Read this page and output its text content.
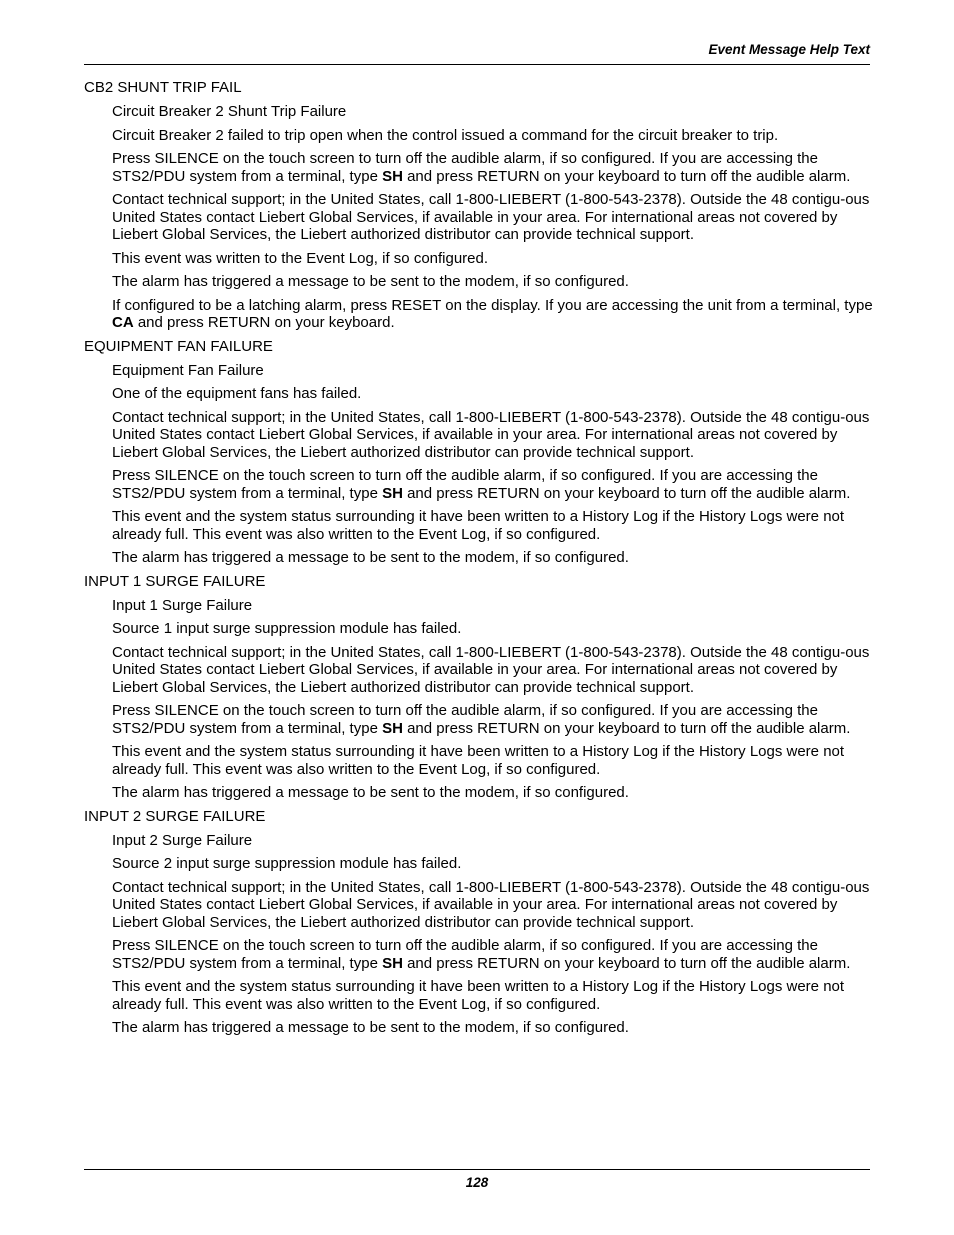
Event Message Help Text
CB2 SHUNT TRIP FAIL
Circuit Breaker 2 Shunt Trip Failure
Circuit Breaker 2 failed to trip open when the control issued a command for the circuit breaker to trip.
Press SILENCE on the touch screen to turn off the audible alarm, if so configured. If you are accessing the STS2/PDU system from a terminal, type SH and press RETURN on your keyboard to turn off the audible alarm.
Contact technical support; in the United States, call 1-800-LIEBERT (1-800-543-2378). Outside the 48 contigu-ous United States contact Liebert Global Services, if available in your area. For international areas not covered by Liebert Global Services, the Liebert authorized distributor can provide technical support.
This event was written to the Event Log, if so configured.
The alarm has triggered a message to be sent to the modem, if so configured.
If configured to be a latching alarm, press RESET on the display. If you are accessing the unit from a terminal, type CA and press RETURN on your keyboard.
EQUIPMENT FAN FAILURE
Equipment Fan Failure
One of the equipment fans has failed.
Contact technical support; in the United States, call 1-800-LIEBERT (1-800-543-2378). Outside the 48 contigu-ous United States contact Liebert Global Services, if available in your area. For international areas not covered by Liebert Global Services, the Liebert authorized distributor can provide technical support.
Press SILENCE on the touch screen to turn off the audible alarm, if so configured. If you are accessing the STS2/PDU system from a terminal, type SH and press RETURN on your keyboard to turn off the audible alarm.
This event and the system status surrounding it have been written to a History Log if the History Logs were not already full. This event was also written to the Event Log, if so configured.
The alarm has triggered a message to be sent to the modem, if so configured.
INPUT 1 SURGE FAILURE
Input 1 Surge Failure
Source 1 input surge suppression module has failed.
Contact technical support; in the United States, call 1-800-LIEBERT (1-800-543-2378). Outside the 48 contigu-ous United States contact Liebert Global Services, if available in your area. For international areas not covered by Liebert Global Services, the Liebert authorized distributor can provide technical support.
Press SILENCE on the touch screen to turn off the audible alarm, if so configured. If you are accessing the STS2/PDU system from a terminal, type SH and press RETURN on your keyboard to turn off the audible alarm.
This event and the system status surrounding it have been written to a History Log if the History Logs were not already full. This event was also written to the Event Log, if so configured.
The alarm has triggered a message to be sent to the modem, if so configured.
INPUT 2 SURGE FAILURE
Input 2 Surge Failure
Source 2 input surge suppression module has failed.
Contact technical support; in the United States, call 1-800-LIEBERT (1-800-543-2378). Outside the 48 contigu-ous United States contact Liebert Global Services, if available in your area. For international areas not covered by Liebert Global Services, the Liebert authorized distributor can provide technical support.
Press SILENCE on the touch screen to turn off the audible alarm, if so configured. If you are accessing the STS2/PDU system from a terminal, type SH and press RETURN on your keyboard to turn off the audible alarm.
This event and the system status surrounding it have been written to a History Log if the History Logs were not already full. This event was also written to the Event Log, if so configured.
The alarm has triggered a message to be sent to the modem, if so configured.
128
